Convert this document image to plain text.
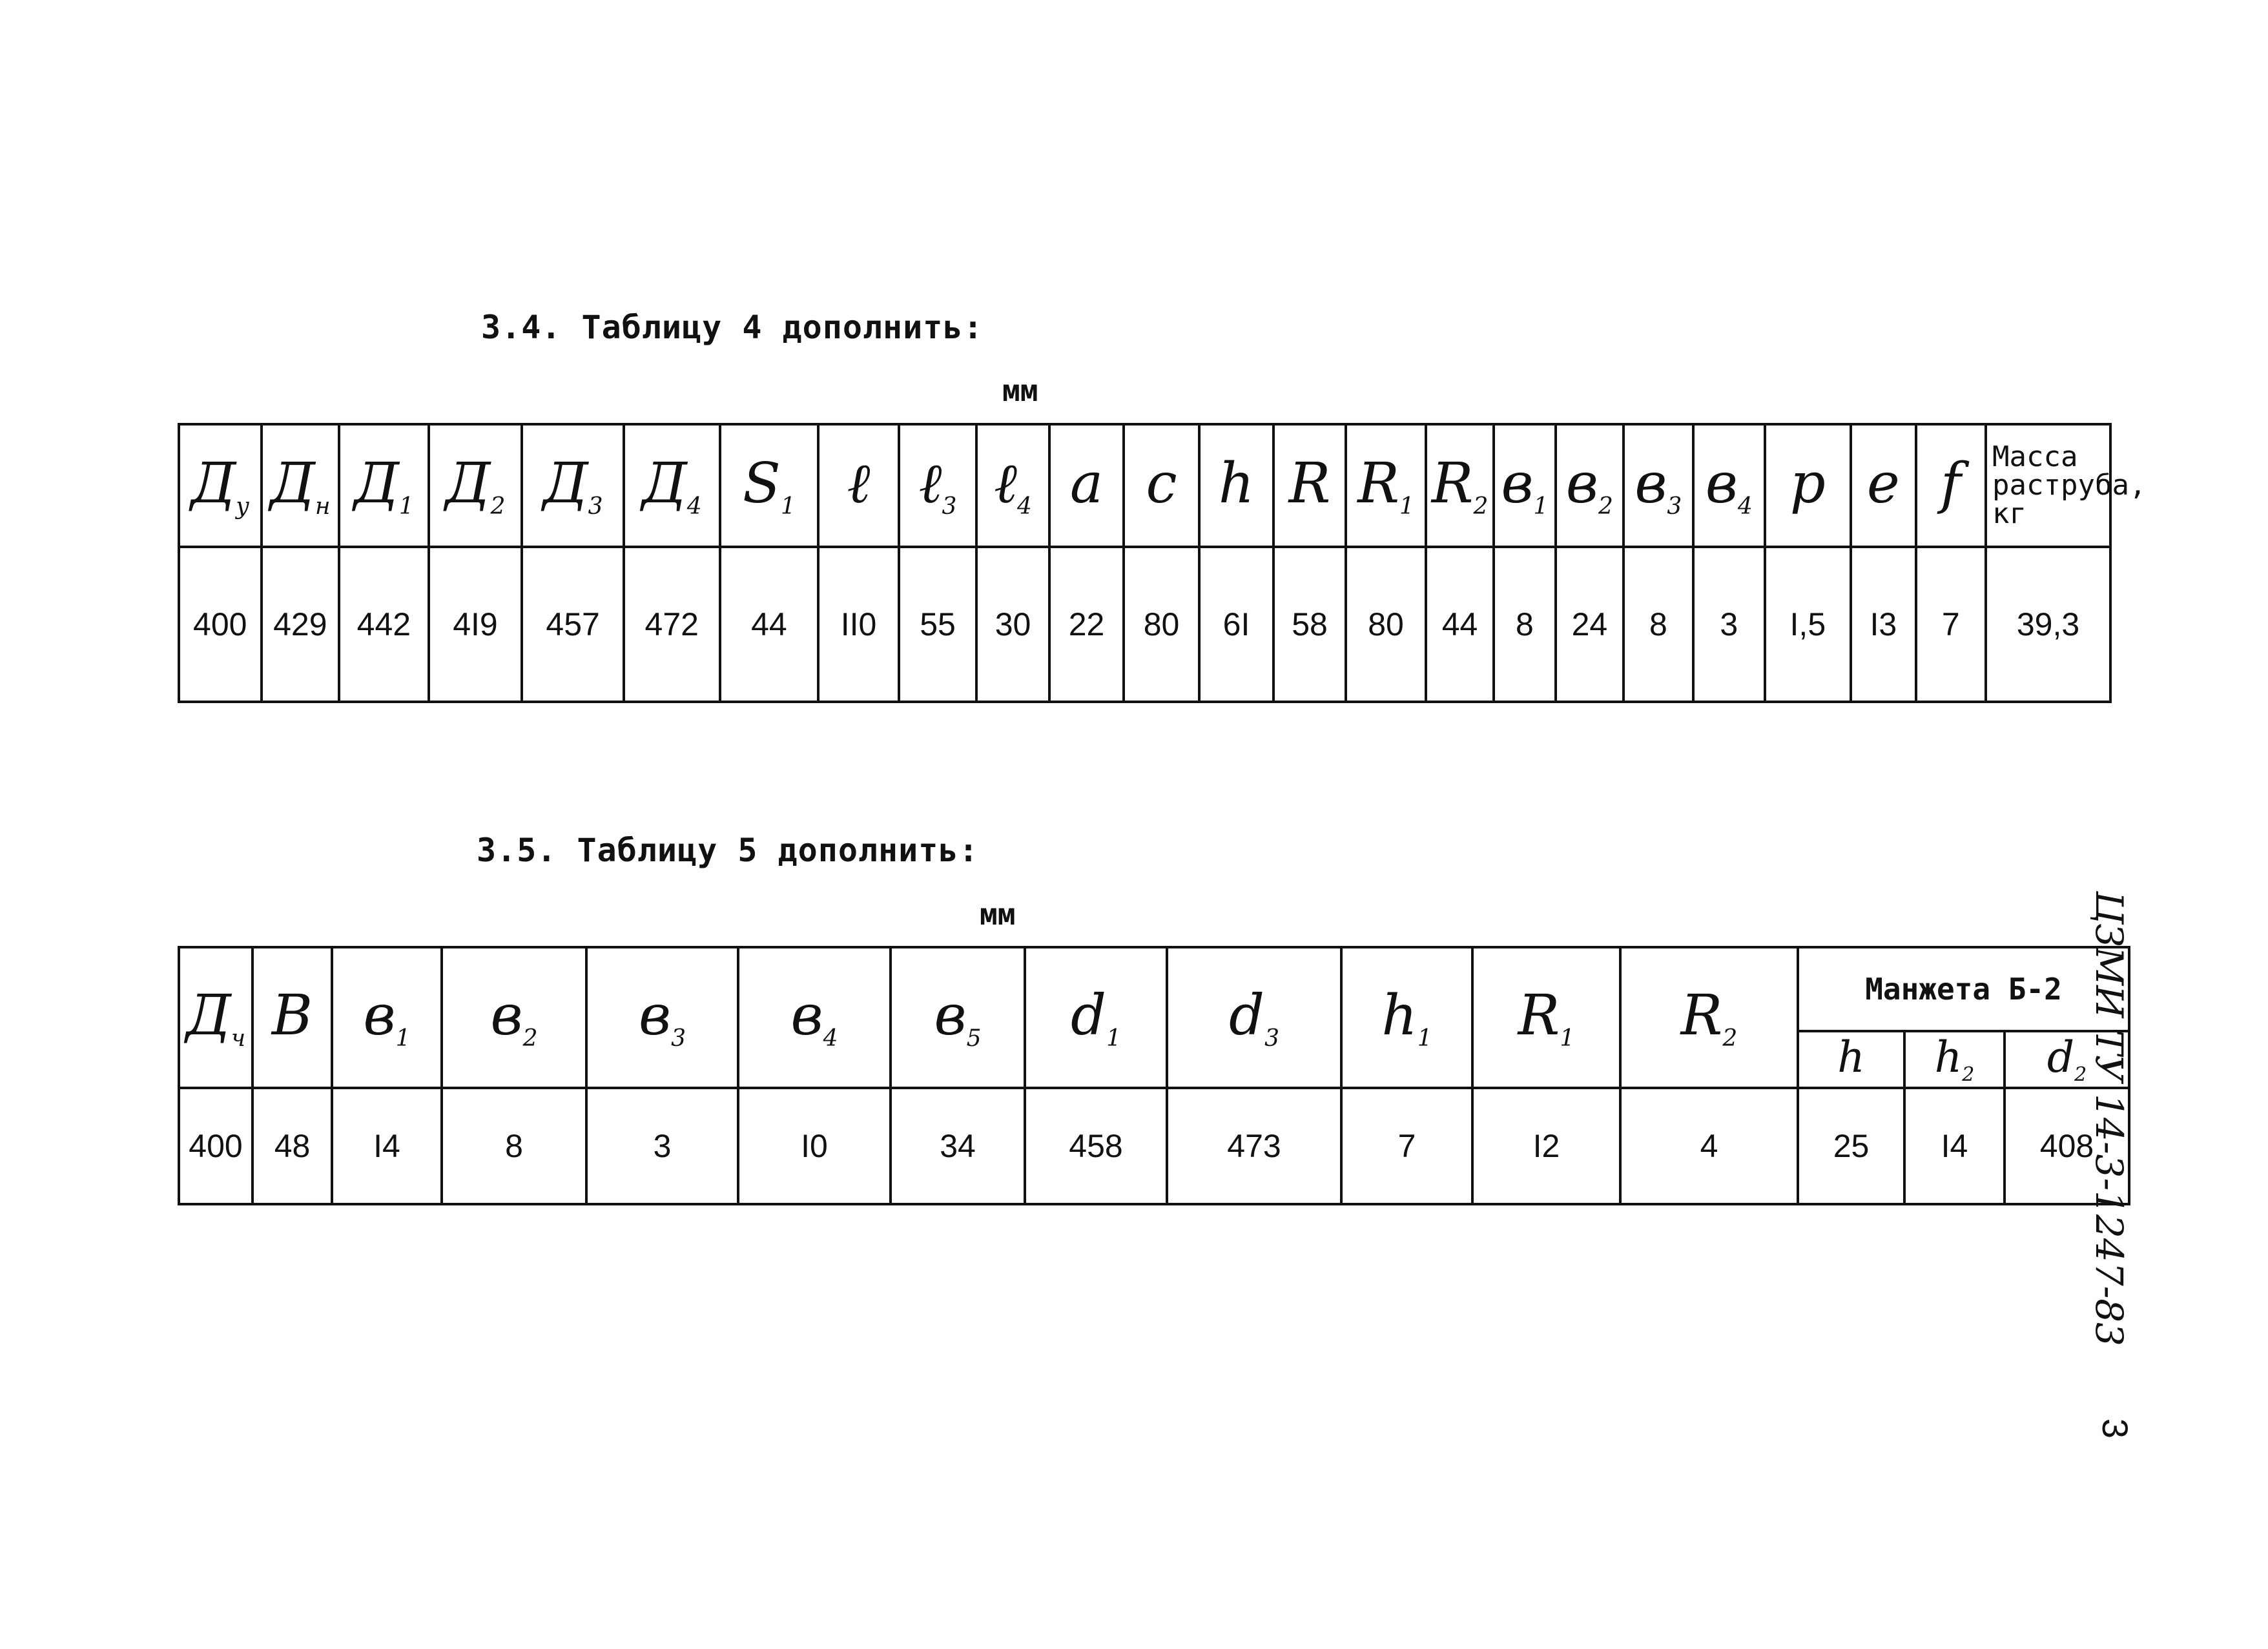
3.4. Таблицу 4 дополнить:
мм
$Д_у$	$Д_н$	$Д_1$	$Д_2$	$Д_3$	$Д_4$	$S_1$	ℓ	ℓ$_3$	ℓ$_4$	a	c	h	R	$R_1$	$R_2$	$в_1$	$в_2$	$в_3$	$в_4$	p	e	f	Масса раструба, кг
400	429	442	4I9	457	472	44	II0	55	30	22	80	6I	58	80	44	8	24	8	3	I,5	I3	7	39,3
3.5. Таблицу 5 дополнить:
мм
$Д_ч$	B	$в_1$	$в_2$	$в_3$	$в_4$	$в_5$	$d_1$	$d_3$	$h_1$	$R_1$	$R_2$	Манжета Б-2		
												h	$h_2$	$d_2$
400	48	I4	8	3	I0	34	458	473	7	I2	4	25	I4	408
ЦЗМИ ТУ 14-3-1247-83
3
